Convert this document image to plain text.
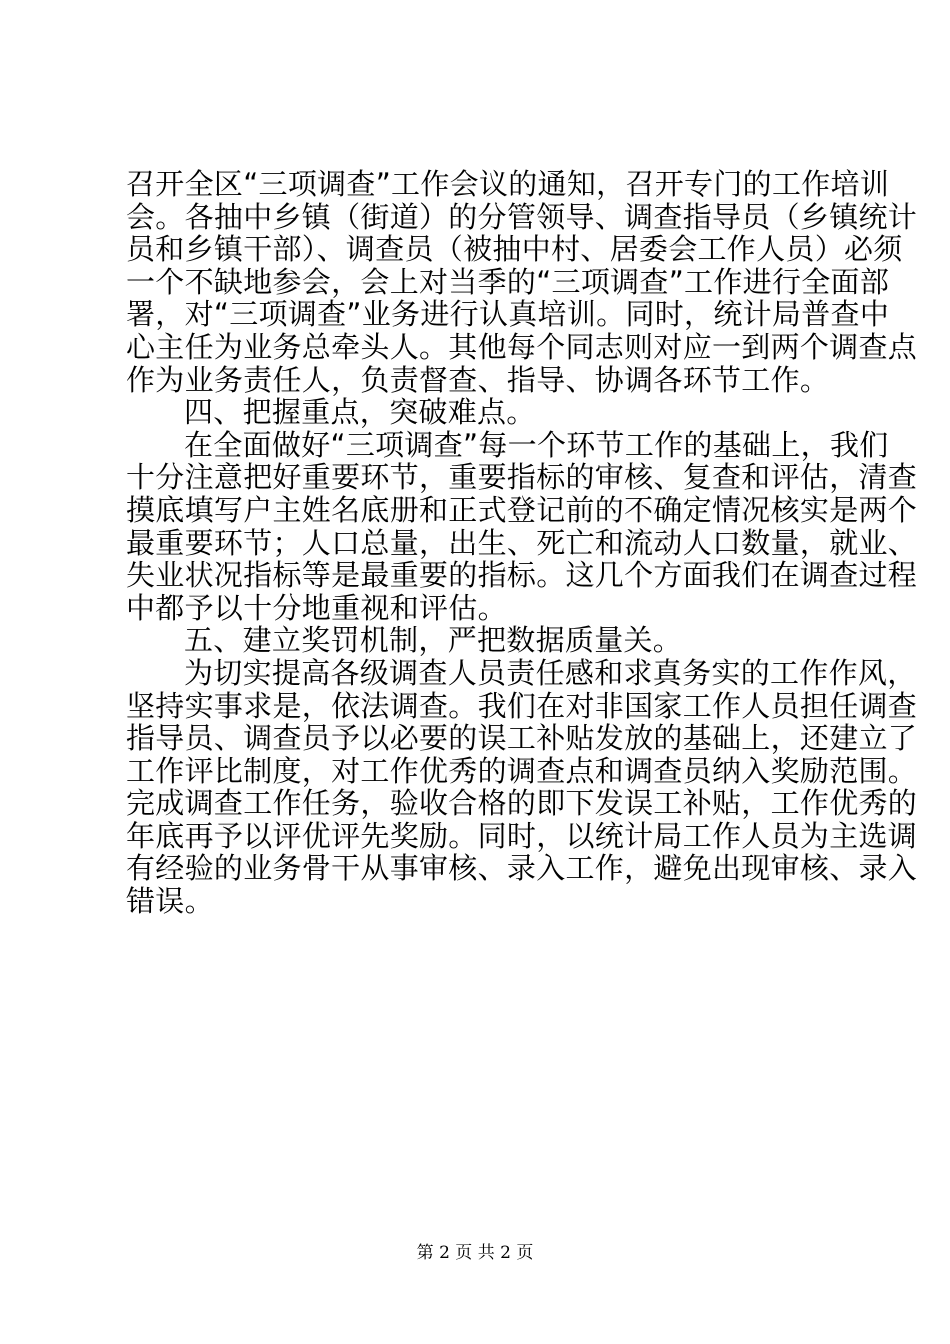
召开全区“三项调查”工作会议的通知，召开专门的工作培训
会。各抽中乡镇（街道）的分管领导、调查指导员（乡镇统计
员和乡镇干部）、调查员（被抽中村、居委会工作人员）必须
一个不缺地参会，会上对当季的“三项调查”工作进行全面部
署，对“三项调查”业务进行认真培训。同时，统计局普查中
心主任为业务总牵头人。其他每个同志则对应一到两个调查点
作为业务责任人，负责督查、指导、协调各环节工作。
四、把握重点，突破难点。
在全面做好“三项调查”每一个环节工作的基础上，我们
十分注意把好重要环节，重要指标的审核、复查和评估，清查
摸底填写户主姓名底册和正式登记前的不确定情况核实是两个
最重要环节；人口总量，出生、死亡和流动人口数量，就业、
失业状况指标等是最重要的指标。这几个方面我们在调查过程
中都予以十分地重视和评估。
五、建立奖罚机制，严把数据质量关。
为切实提高各级调查人员责任感和求真务实的工作作风，
坚持实事求是，依法调查。我们在对非国家工作人员担任调查
指导员、调查员予以必要的误工补贴发放的基础上，还建立了
工作评比制度，对工作优秀的调查点和调查员纳入奖励范围。
完成调查工作任务，验收合格的即下发误工补贴，工作优秀的
年底再予以评优评先奖励。同时，以统计局工作人员为主选调
有经验的业务骨干从事审核、录入工作，避免出现审核、录入
错误。
第 2 页 共 2 页
